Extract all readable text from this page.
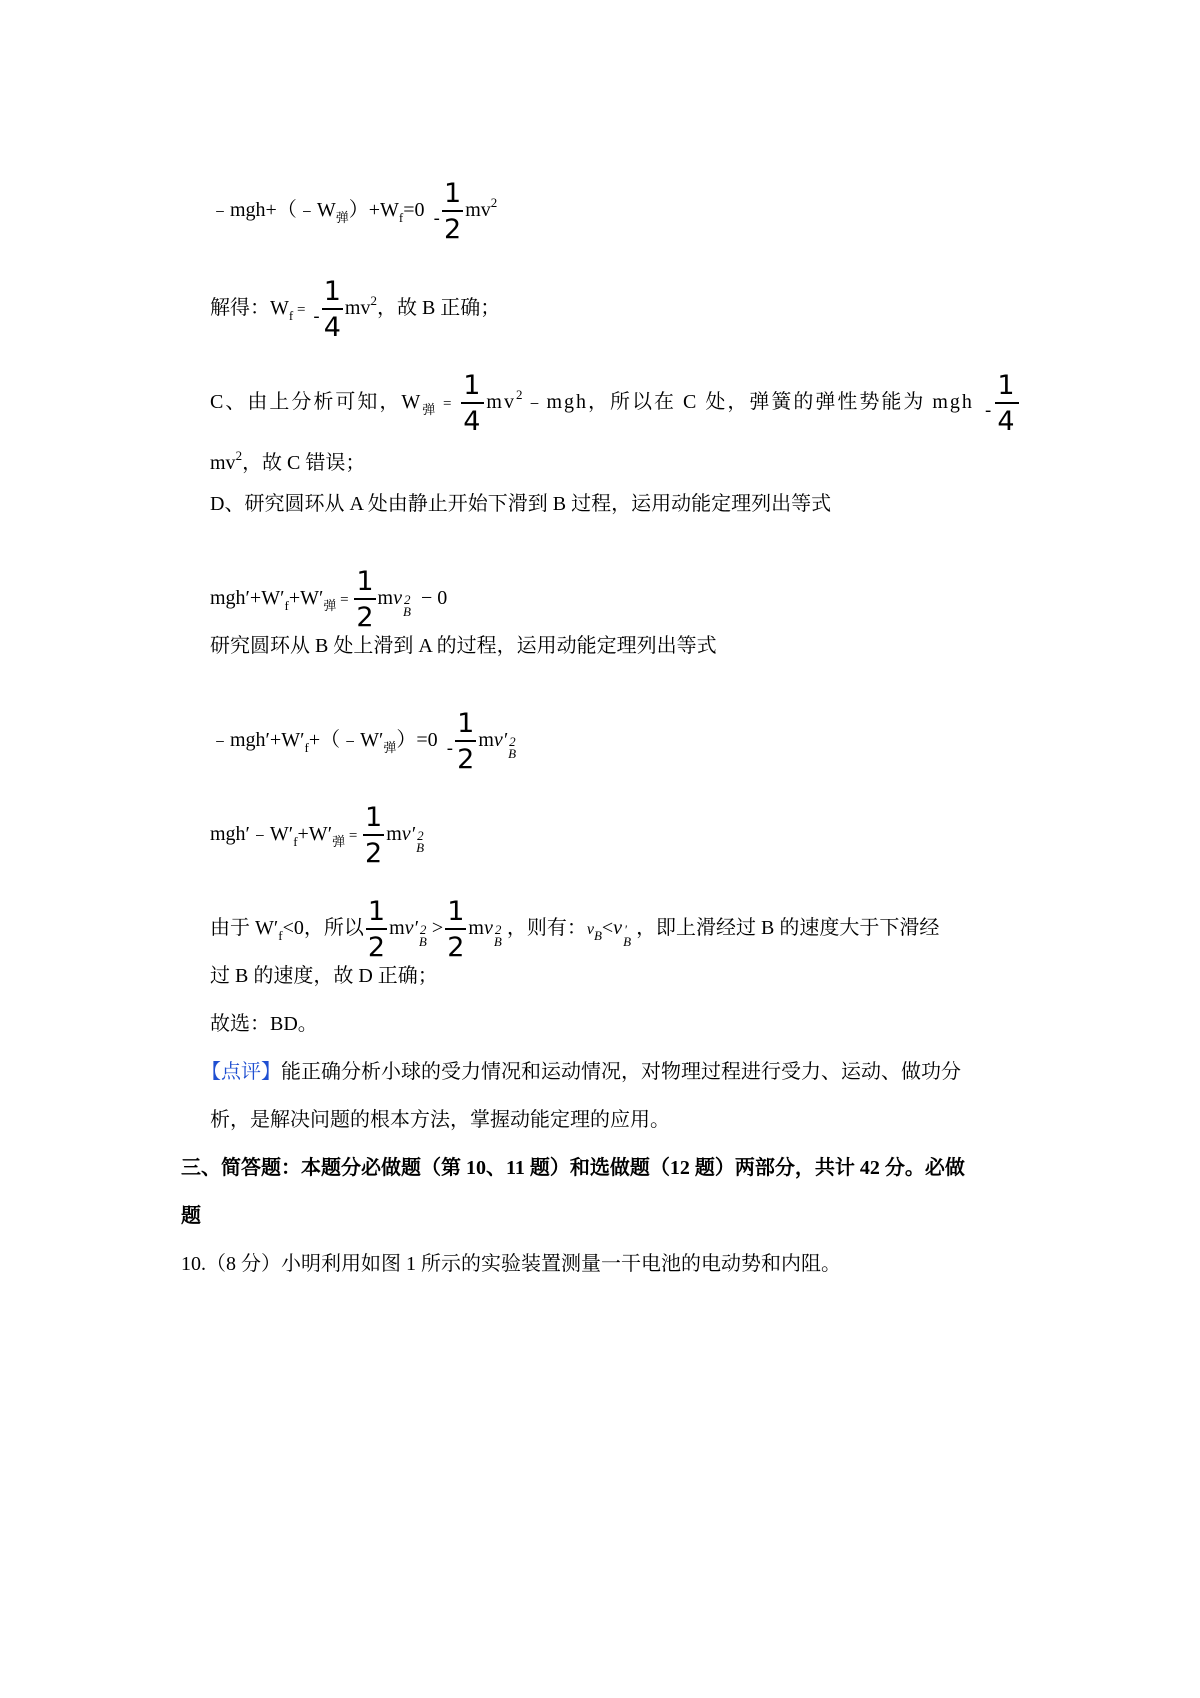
$﹣mgh+(﹣W_弹)+W_f=0 - \frac{1}{2} mv^2$
解得：$W_f$ = - $\frac{1}{4} mv^2$，故 B 正确；
C、由上分析可知，$W_弹 = \frac{1}{4}$ $mv^2﹣mgh$，所以在 C 处，弹簧的弹性势能为 mgh - $\frac{1}{4}$
$mv^2$，故 C 错误；
D、研究圆环从 A 处由静止开始下滑到 B 过程，运用动能定理列出等式
$mgh'+W'_f+W'_弹 = \frac{1}{2}$ mv 2
B
− 0
研究圆环从 B 处上滑到 A 的过程，运用动能定理列出等式
$﹣mgh'+W'_f+(﹣W'_弹)=0 - \frac{1}{2} mv'$ 2
B
$mgh'﹣W'_f+W'_弹 = \frac{1}{2} mv'$ 2
B
由于 $W'_f<0$，所以 $\frac{1}{2} mv'$ 2
B
> $\frac{1}{2}$ mv 2
B
，则有：$v_B<v$ ′
B
，即上滑经过 B 的速度大于下滑经
过 B 的速度，故 D 正确；
故选：BD。
【点评】能正确分析小球的受力情况和运动情况，对物理过程进行受力、运动、做功分
析，是解决问题的根本方法，掌握动能定理的应用。
三、简答题：本题分必做题（第 10、11 题）和选做题（12 题）两部分，共计 42 分。必做
题
10.（8 分）小明利用如图 1 所示的实验装置测量一干电池的电动势和内阻。
